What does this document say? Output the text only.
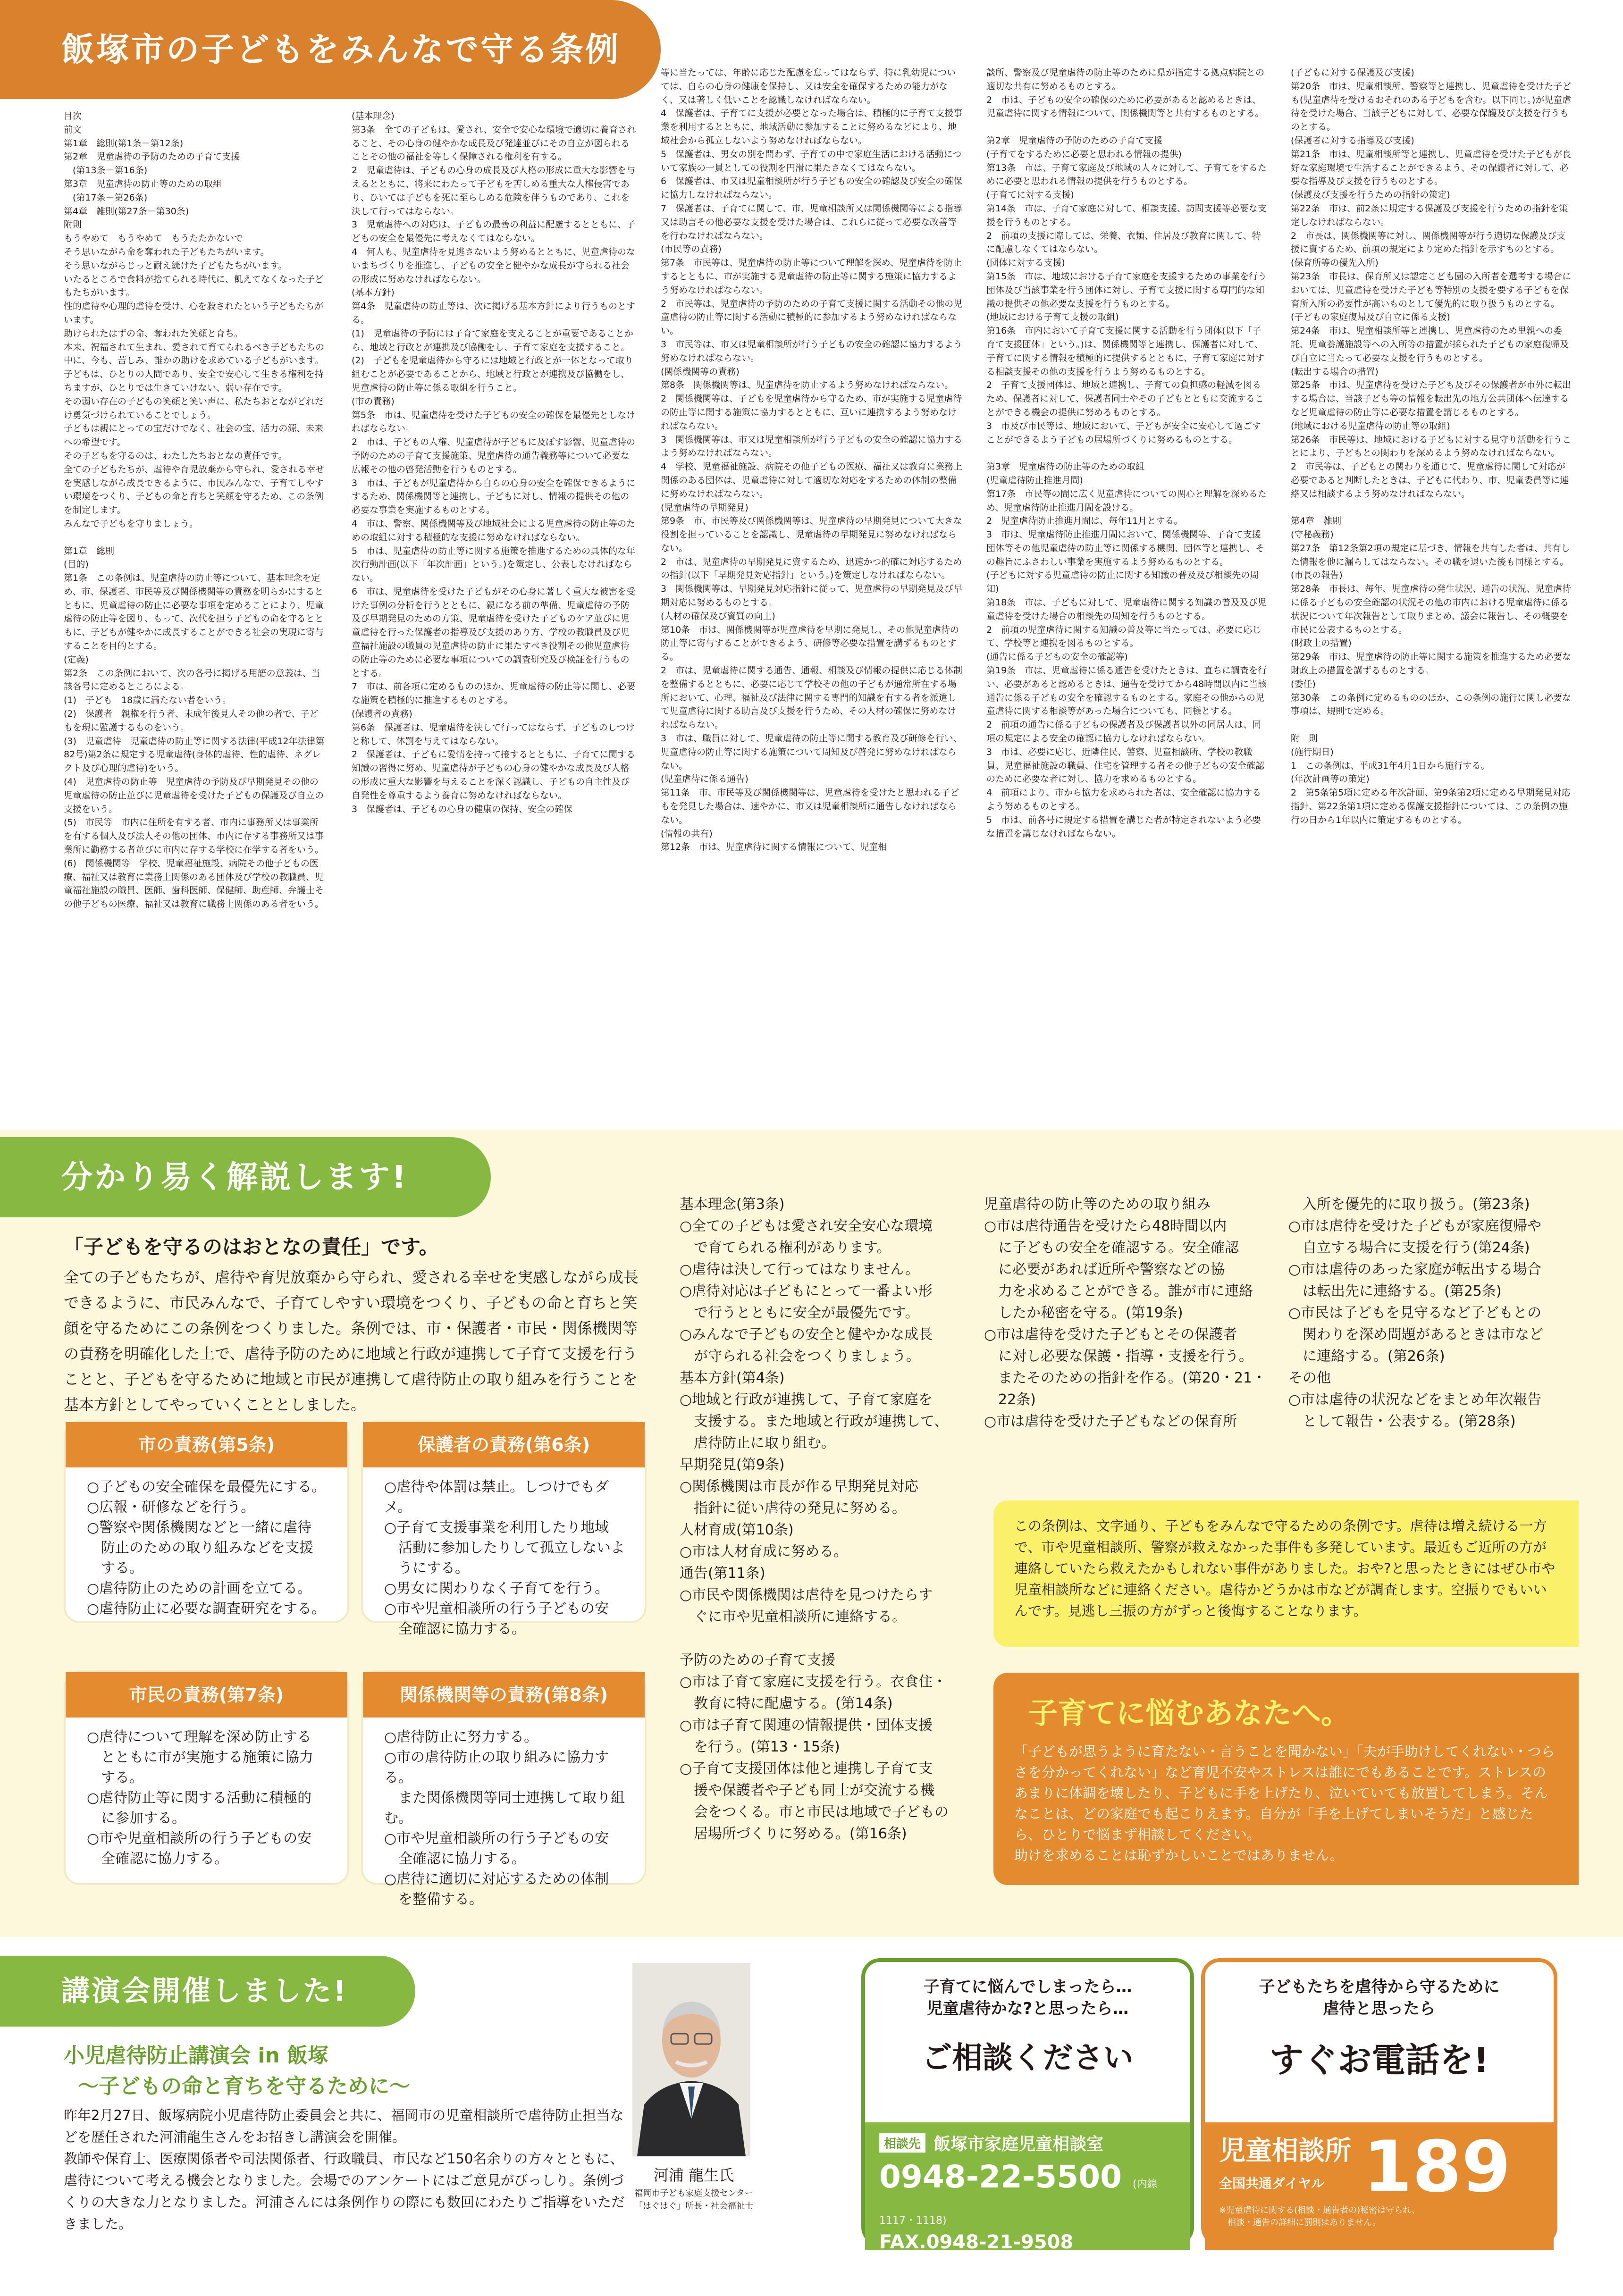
飯塚市の子どもをみんなで守る条例
目次
前文
第1章　総則(第1条－第12条)
第2章　児童虐待の予防のための子育て支援
　(第13条－第16条)
第3章　児童虐待の防止等のための取組
　(第17条－第26条)
第4章　雑則(第27条－第30条)
附則
もうやめて　もうやめて　もうたたかないで
そう思いながら命を奪われた子どもたちがいます。
そう思いながらじっと耐え続けた子どもたちがいます。
いたるところで食料が捨てられる時代に、飢えてなくなった子どもたちがいます。
性的虐待や心理的虐待を受け、心を殺されたという子どもたちがいます。
助けられたはずの命、奪われた笑顔と育ち。
本来、祝福されて生まれ、愛されて育てられるべき子どもたちの中に、今も、苦しみ、誰かの助けを求めている子どもがいます。
子どもは、ひとりの人間であり、安全で安心して生きる権利を持ちますが、ひとりでは生きていけない、弱い存在です。
その弱い存在の子どもの笑顔と笑い声に、私たちおとながどれだけ勇気づけられていることでしょう。
子どもは親にとっての宝だけでなく、社会の宝、活力の源、未来への希望です。
その子どもを守るのは、わたしたちおとなの責任です。
全ての子どもたちが、虐待や育児放棄から守られ、愛される幸せを実感しながら成長できるように、市民みんなで、子育てしやすい環境をつくり、子どもの命と育ちと笑顔を守るため、この条例を制定します。
みんなで子どもを守りましょう。

第1章　総則
(目的)
第1条　この条例は、児童虐待の防止等について、基本理念を定め、市、保護者、市民等及び関係機関等の責務を明らかにするとともに、児童虐待の防止に必要な事項を定めることにより、児童虐待の防止等を図り、もって、次代を担う子どもの命を守るとともに、子どもが健やかに成長することができる社会の実現に寄与することを目的とする。
(定義)
第2条　この条例において、次の各号に掲げる用語の意義は、当該各号に定めるところによる。
(1)　子ども　18歳に満たない者をいう。
(2)　保護者　親権を行う者、未成年後見人その他の者で、子どもを現に監護するものをいう。
(3)　児童虐待　児童虐待の防止等に関する法律(平成12年法律第82号)第2条に規定する児童虐待(身体的虐待、性的虐待、ネグレクト及び心理的虐待)をいう。
(4)　児童虐待の防止等　児童虐待の予防及び早期発見その他の児童虐待の防止並びに児童虐待を受けた子どもの保護及び自立の支援をいう。
(5)　市民等　市内に住所を有する者、市内に事務所又は事業所を有する個人及び法人その他の団体、市内に存する事務所又は事業所に勤務する者並びに市内に存する学校に在学する者をいう。
(6)　関係機関等　学校、児童福祉施設、病院その他子どもの医療、福祉又は教育に業務上関係のある団体及び学校の教職員、児童福祉施設の職員、医師、歯科医師、保健師、助産師、弁護士その他子どもの医療、福祉又は教育に職務上関係のある者をいう。
(基本理念)
第3条　全ての子どもは、愛され、安全で安心な環境で適切に養育されること、その心身の健やかな成長及び発達並びにその自立が図られることその他の福祉を等しく保障される権利を有する。
2　児童虐待は、子どもの心身の成長及び人格の形成に重大な影響を与えるとともに、将来にわたって子どもを苦しめる重大な人権侵害であり、ひいては子どもを死に至らしめる危険を伴うものであり、これを決して行ってはならない。
3　児童虐待への対応は、子どもの最善の利益に配慮するとともに、子どもの安全を最優先に考えなくてはならない。
4　何人も、児童虐待を見逃さないよう努めるとともに、児童虐待のないまちづくりを推進し、子どもの安全と健やかな成長が守られる社会の形成に努めなければならない。
(基本方針)
第4条　児童虐待の防止等は、次に掲げる基本方針により行うものとする。
(1)　児童虐待の予防には子育て家庭を支えることが重要であることから、地域と行政とが連携及び協働をし、子育て家庭を支援すること。
(2)　子どもを児童虐待から守るには地域と行政とが一体となって取り組むことが必要であることから、地域と行政とが連携及び協働をし、児童虐待の防止等に係る取組を行うこと。
(市の責務)
第5条　市は、児童虐待を受けた子どもの安全の確保を最優先としなければならない。
2　市は、子どもの人権、児童虐待が子どもに及ぼす影響、児童虐待の予防のための子育て支援施策、児童虐待の通告義務等について必要な広報その他の啓発活動を行うものとする。
3　市は、子どもが児童虐待から自らの心身の安全を確保できるようにするため、関係機関等と連携し、子どもに対し、情報の提供その他の必要な事業を実施するものとする。
4　市は、警察、関係機関等及び地域社会による児童虐待の防止等のための取組に対する積極的な支援に努めなければならない。
5　市は、児童虐待の防止等に関する施策を推進するための具体的な年次行動計画(以下「年次計画」という。)を策定し、公表しなければならない。
6　市は、児童虐待を受けた子どもがその心身に著しく重大な被害を受けた事例の分析を行うとともに、親になる前の準備、児童虐待の予防及び早期発見のための方策、児童虐待を受けた子どものケア並びに児童虐待を行った保護者の指導及び支援のあり方、学校の教職員及び児童福祉施設の職員の児童虐待の防止に果たすべき役割その他児童虐待の防止等のために必要な事項についての調査研究及び検証を行うものとする。
7　市は、前各項に定めるもののほか、児童虐待の防止等に関し、必要な施策を積極的に推進するものとする。
(保護者の責務)
第6条　保護者は、児童虐待を決して行ってはならず、子どものしつけと称して、体罰を与えてはならない。
2　保護者は、子どもに愛情を持って接するとともに、子育てに関する知識の習得に努め、児童虐待が子どもの心身の健やかな成長及び人格の形成に重大な影響を与えることを深く認識し、子どもの自主性及び自発性を尊重するよう養育に努めなければならない。
3　保護者は、子どもの心身の健康の保持、安全の確保
等に当たっては、年齢に応じた配慮を怠ってはならず、特に乳幼児については、自らの心身の健康を保持し、又は安全を確保するための能力がなく、又は著しく低いことを認識しなければならない。
4　保護者は、子育てに支援が必要となった場合は、積極的に子育て支援事業を利用するとともに、地域活動に参加することに努めるなどにより、地域社会から孤立しないよう努めなければならない。
5　保護者は、男女の別を問わず、子育ての中で家庭生活における活動について家族の一員としての役割を円滑に果たさなくてはならない。
6　保護者は、市又は児童相談所が行う子どもの安全の確認及び安全の確保に協力しなければならない。
7　保護者は、子育てに関して、市、児童相談所又は関係機関等による指導又は助言その他必要な支援を受けた場合は、これらに従って必要な改善等を行わなければならない。
(市民等の責務)
第7条　市民等は、児童虐待の防止等について理解を深め、児童虐待を防止するとともに、市が実施する児童虐待の防止等に関する施策に協力するよう努めなければならない。
2　市民等は、児童虐待の予防のための子育て支援に関する活動その他の児童虐待の防止等に関する活動に積極的に参加するよう努めなければならない。
3　市民等は、市又は児童相談所が行う子どもの安全の確認に協力するよう努めなければならない。
(関係機関等の責務)
第8条　関係機関等は、児童虐待を防止するよう努めなければならない。
2　関係機関等は、子どもを児童虐待から守るため、市が実施する児童虐待の防止等に関する施策に協力するとともに、互いに連携するよう努めなければならない。
3　関係機関等は、市又は児童相談所が行う子どもの安全の確認に協力するよう努めなければならない。
4　学校、児童福祉施設、病院その他子どもの医療、福祉又は教育に業務上関係のある団体は、児童虐待に対して適切な対応をするための体制の整備に努めなければならない。
(児童虐待の早期発見)
第9条　市、市民等及び関係機関等は、児童虐待の早期発見について大きな役割を担っていることを認識し、児童虐待の早期発見に努めなければならない。
2　市は、児童虐待の早期発見に資するため、迅速かつ的確に対応するための指針(以下「早期発見対応指針」という。)を策定しなければならない。
3　関係機関等は、早期発見対応指針に従って、児童虐待の早期発見及び早期対応に努めるものとする。
(人材の確保及び資質の向上)
第10条　市は、関係機関等が児童虐待を早期に発見し、その他児童虐待の防止等に寄与することができるよう、研修等必要な措置を講ずるものとする。
2　市は、児童虐待に関する通告、通報、相談及び情報の提供に応じる体制を整備するとともに、必要に応じて学校その他の子どもが通常所在する場所において、心理、福祉及び法律に関する専門的知識を有する者を派遣して児童虐待に関する助言及び支援を行うため、その人材の確保に努めなければならない。
3　市は、職員に対して、児童虐待の防止等に関する教育及び研修を行い、児童虐待の防止等に関する施策について周知及び啓発に努めなければならない。
(児童虐待に係る通告)
第11条　市、市民等及び関係機関等は、児童虐待を受けたと思われる子どもを発見した場合は、速やかに、市又は児童相談所に通告しなければならない。
(情報の共有)
第12条　市は、児童虐待に関する情報について、児童相
談所、警察及び児童虐待の防止等のために県が指定する拠点病院との適切な共有に努めるものとする。
2　市は、子どもの安全の確保のために必要があると認めるときは、児童虐待に関する情報について、関係機関等と共有するものとする。

第2章　児童虐待の予防のための子育て支援
(子育てをするために必要と思われる情報の提供)
第13条　市は、子育て家庭及び地域の人々に対して、子育てをするために必要と思われる情報の提供を行うものとする。
(子育てに対する支援)
第14条　市は、子育て家庭に対して、相談支援、訪問支援等必要な支援を行うものとする。
2　前項の支援に際しては、栄養、衣類、住居及び教育に関して、特に配慮しなくてはならない。
(団体に対する支援)
第15条　市は、地域における子育て家庭を支援するための事業を行う団体及び当該事業を行う団体に対し、子育て支援に関する専門的な知識の提供その他必要な支援を行うものとする。
(地域における子育て支援の取組)
第16条　市内において子育て支援に関する活動を行う団体(以下「子育て支援団体」という。)は、関係機関等と連携し、保護者に対して、子育てに関する情報を積極的に提供するとともに、子育て家庭に対する相談支援その他の支援を行うよう努めるものとする。
2　子育て支援団体は、地域と連携し、子育ての負担感の軽減を図るため、保護者に対して、保護者同士やその子どもとともに交流することができる機会の提供に努めるものとする。
3　市及び市民等は、地域において、子どもが安全に安心して過ごすことができるよう子どもの居場所づくりに努めるものとする。

第3章　児童虐待の防止等のための取組
(児童虐待防止推進月間)
第17条　市民等の間に広く児童虐待についての関心と理解を深めるため、児童虐待防止推進月間を設ける。
2　児童虐待防止推進月間は、毎年11月とする。
3　市は、児童虐待防止推進月間において、関係機関等、子育て支援団体等その他児童虐待の防止等に関係する機関、団体等と連携し、その趣旨にふさわしい事業を実施するよう努めるものとする。
(子どもに対する児童虐待の防止に関する知識の普及及び相談先の周知)
第18条　市は、子どもに対して、児童虐待に関する知識の普及及び児童虐待を受けた場合の相談先の周知を行うものとする。
2　前項の児童虐待に関する知識の普及等に当たっては、必要に応じて、学校等と連携を図るものとする。
(通告に係る子どもの安全の確認等)
第19条　市は、児童虐待に係る通告を受けたときは、直ちに調査を行い、必要があると認めるときは、通告を受けてから48時間以内に当該通告に係る子どもの安全を確認するものとする。家庭その他からの児童虐待に関する相談等があった場合についても、同様とする。
2　前項の通告に係る子どもの保護者及び保護者以外の同居人は、同項の規定による安全の確認に協力しなければならない。
3　市は、必要に応じ、近隣住民、警察、児童相談所、学校の教職員、児童福祉施設の職員、住宅を管理する者その他子どもの安全確認のために必要な者に対し、協力を求めるものとする。
4　前項により、市から協力を求められた者は、安全確認に協力するよう努めるものとする。
5　市は、前各号に規定する措置を講じた者が特定されないよう必要な措置を講じなければならない。
(子どもに対する保護及び支援)
第20条　市は、児童相談所、警察等と連携し、児童虐待を受けた子ども(児童虐待を受けるおそれのある子どもを含む。以下同じ。)が児童虐待を受けた場合、当該子どもに対して、必要な保護及び支援を行うものとする。
(保護者に対する指導及び支援)
第21条　市は、児童相談所等と連携し、児童虐待を受けた子どもが良好な家庭環境で生活することができるよう、その保護者に対して、必要な指導及び支援を行うものとする。
(保護及び支援を行うための指針の策定)
第22条　市は、前2条に規定する保護及び支援を行うための指針を策定しなければならない。
2　市長は、関係機関等に対し、関係機関等が行う適切な保護及び支援に資するため、前項の規定により定めた指針を示すものとする。
(保育所等の優先入所)
第23条　市長は、保育所又は認定こども園の入所者を選考する場合においては、児童虐待を受けた子ども等特別の支援を要する子どもを保育所入所の必要性が高いものとして優先的に取り扱うものとする。
(子どもの家庭復帰及び自立に係る支援)
第24条　市は、児童相談所等と連携し、児童虐待のため里親への委託、児童養護施設等への入所等の措置が採られた子どもの家庭復帰及び自立に当たって必要な支援を行うものとする。
(転出する場合の措置)
第25条　市は、児童虐待を受けた子ども及びその保護者が市外に転出する場合は、当該子ども等の情報を転出先の地方公共団体へ伝達するなど児童虐待の防止等に必要な措置を講じるものとする。
(地域における児童虐待の防止等の取組)
第26条　市民等は、地域における子どもに対する見守り活動を行うことにより、子どもとの関わりを深めるよう努めなければならない。
2　市民等は、子どもとの関わりを通じて、児童虐待に関して対応が必要であると判断したときは、子どもに代わり、市、児童委員等に連絡又は相談するよう努めなければならない。

第4章　雑則
(守秘義務)
第27条　第12条第2項の規定に基づき、情報を共有した者は、共有した情報を他に漏らしてはならない。その職を退いた後も同様とする。
(市長の報告)
第28条　市長は、毎年、児童虐待の発生状況、通告の状況、児童虐待に係る子どもの安全確認の状況その他の市内における児童虐待に係る状況について年次報告として取りまとめ、議会に報告し、その概要を市民に公表するものとする。
(財政上の措置)
第29条　市は、児童虐待の防止等に関する施策を推進するため必要な財政上の措置を講ずるものとする。
(委任)
第30条　この条例に定めるもののほか、この条例の施行に関し必要な事項は、規則で定める。

附　則
(施行期日)
1　この条例は、平成31年4月1日から施行する。
(年次計画等の策定)
2　第5条第5項に定める年次計画、第9条第2項に定める早期発見対応指針、第22条第1項に定める保護支援指針については、この条例の施行の日から1年以内に策定するものとする。
分かり易く解説します!
「子どもを守るのはおとなの責任」です。
全ての子どもたちが、虐待や育児放棄から守られ、愛される幸せを実感しながら成長できるように、市民みんなで、子育てしやすい環境をつくり、子どもの命と育ちと笑顔を守るためにこの条例をつくりました。条例では、市・保護者・市民・関係機関等の責務を明確化した上で、虐待予防のために地域と行政が連携して子育て支援を行うことと、子どもを守るために地域と市民が連携して虐待防止の取り組みを行うことを基本方針としてやっていくこととしました。
市の責務(第5条)
○子どもの安全確保を最優先にする。
○広報・研修などを行う。
○警察や関係機関などと一緒に虐待
　防止のための取り組みなどを支援
　する。
○虐待防止のための計画を立てる。
○虐待防止に必要な調査研究をする。
保護者の責務(第6条)
○虐待や体罰は禁止。しつけでもダメ。
○子育て支援事業を利用したり地域
　活動に参加したりして孤立しないよ
　うにする。
○男女に関わりなく子育てを行う。
○市や児童相談所の行う子どもの安
　全確認に協力する。
市民の責務(第7条)
○虐待について理解を深め防止する
　とともに市が実施する施策に協力
　する。
○虐待防止等に関する活動に積極的
　に参加する。
○市や児童相談所の行う子どもの安
　全確認に協力する。
関係機関等の責務(第8条)
○虐待防止に努力する。
○市の虐待防止の取り組みに協力する。
　また関係機関等同士連携して取り組む。
○市や児童相談所の行う子どもの安
　全確認に協力する。
○虐待に適切に対応するための体制
　を整備する。
基本理念(第3条)
○全ての子どもは愛され安全安心な環境
　で育てられる権利があります。
○虐待は決して行ってはなりません。
○虐待対応は子どもにとって一番よい形
　で行うとともに安全が最優先です。
○みんなで子どもの安全と健やかな成長
　が守られる社会をつくりましょう。
基本方針(第4条)
○地域と行政が連携して、子育て家庭を
　支援する。また地域と行政が連携して、
　虐待防止に取り組む。
早期発見(第9条)
○関係機関は市長が作る早期発見対応
　指針に従い虐待の発見に努める。
人材育成(第10条)
○市は人材育成に努める。
通告(第11条)
○市民や関係機関は虐待を見つけたらす
　ぐに市や児童相談所に連絡する。

予防のための子育て支援
○市は子育て家庭に支援を行う。衣食住・
　教育に特に配慮する。(第14条)
○市は子育て関連の情報提供・団体支援
　を行う。(第13・15条)
○子育て支援団体は他と連携し子育て支
　援や保護者や子ども同士が交流する機
　会をつくる。市と市民は地域で子どもの
　居場所づくりに努める。(第16条)
児童虐待の防止等のための取り組み
○市は虐待通告を受けたら48時間以内
　に子どもの安全を確認する。安全確認
　に必要があれば近所や警察などの協
　力を求めることができる。誰が市に連絡
　したか秘密を守る。(第19条)
○市は虐待を受けた子どもとその保護者
　に対し必要な保護・指導・支援を行う。
　またそのための指針を作る。(第20・21・
　22条)
○市は虐待を受けた子どもなどの保育所
　入所を優先的に取り扱う。(第23条)
○市は虐待を受けた子どもが家庭復帰や
　自立する場合に支援を行う(第24条)
○市は虐待のあった家庭が転出する場合
　は転出先に連絡する。(第25条)
○市民は子どもを見守るなど子どもとの
　関わりを深め問題があるときは市など
　に連絡する。(第26条)
その他
○市は虐待の状況などをまとめ年次報告
　として報告・公表する。(第28条)
この条例は、文字通り、子どもをみんなで守るための条例です。虐待は増え続ける一方で、市や児童相談所、警察が救えなかった事件も多発しています。最近もご近所の方が連絡していたら救えたかもしれない事件がありました。おや?と思ったときにはぜひ市や児童相談所などに連絡ください。虐待かどうかは市などが調査します。空振りでもいいんです。見逃し三振の方がずっと後悔することなります。
子育てに悩むあなたへ。
「子どもが思うように育たない・言うことを聞かない」「夫が手助けしてくれない・つらさを分かってくれない」など育児不安やストレスは誰にでもあることです。ストレスのあまりに体調を壊したり、子どもに手を上げたり、泣いていても放置してしまう。そんなことは、どの家庭でも起こりえます。自分が「手を上げてしまいそうだ」と感じたら、ひとりで悩まず相談してください。
助けを求めることは恥ずかしいことではありません。
講演会開催しました!
小児虐待防止講演会 in 飯塚
～子どもの命と育ちを守るために～
昨年2月27日、飯塚病院小児虐待防止委員会と共に、福岡市の児童相談所で虐待防止担当などを歴任された河浦龍生さんをお招きし講演会を開催。
教師や保育士、医療関係者や司法関係者、行政職員、市民など150名余りの方々とともに、虐待について考える機会となりました。会場でのアンケートにはご意見がびっしり。条例づくりの大きな力となりました。河浦さんには条例作りの際にも数回にわたりご指導をいただきました。
河浦 龍生氏
福岡市子ども家庭支援センター
「はぐはぐ」所長・社会福祉士
子育てに悩んでしまったら…
児童虐待かな?と思ったら…
ご相談ください
相談先 飯塚市家庭児童相談室
0948-22-5500 (内線1117・1118)
FAX.0948-21-9508
子どもたちを虐待から守るために
虐待と思ったら
すぐお電話を!
児童相談所
全国共通ダイヤル 189
※児童虐待に関する(相談・通告者の)秘密は守られ、
　相談・通告の詳細に罰則はありません。
